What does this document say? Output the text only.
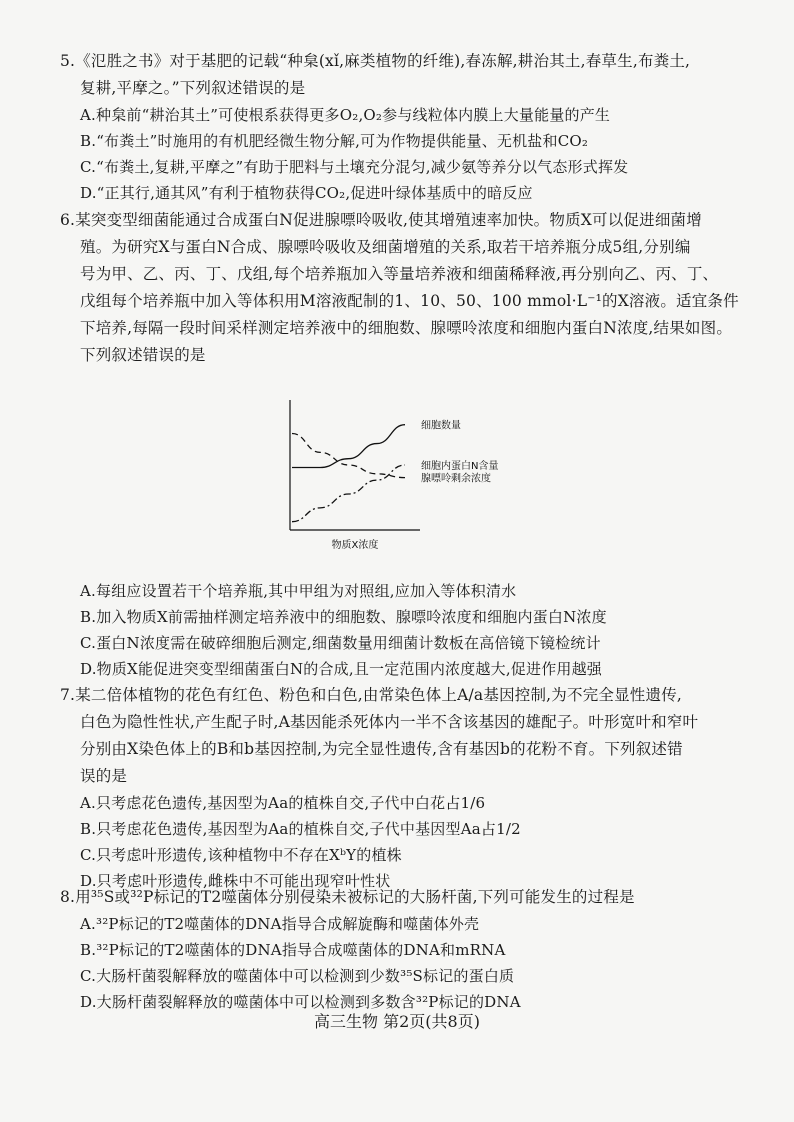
5.《氾胜之书》对于基肥的记载“种枲(xǐ,麻类植物的纤维),春冻解,耕治其土,春草生,布粪土,

复耕,平摩之。”下列叙述错误的是

A.种枲前“耕治其土”可使根系获得更多O₂,O₂参与线粒体内膜上大量能量的产生

B.“布粪土”时施用的有机肥经微生物分解,可为作物提供能量、无机盐和CO₂

C.“布粪土,复耕,平摩之”有助于肥料与土壤充分混匀,减少氨等养分以气态形式挥发

D.“正其行,通其风”有利于植物获得CO₂,促进叶绿体基质中的暗反应

6.某突变型细菌能通过合成蛋白N促进腺嘌呤吸收,使其增殖速率加快。物质X可以促进细菌增

殖。为研究X与蛋白N合成、腺嘌呤吸收及细菌增殖的关系,取若干培养瓶分成5组,分别编

号为甲、乙、丙、丁、戊组,每个培养瓶加入等量培养液和细菌稀释液,再分别向乙、丙、丁、

戊组每个培养瓶中加入等体积用M溶液配制的1、10、50、100 mmol·L⁻¹的X溶液。适宜条件

下培养,每隔一段时间采样测定培养液中的细胞数、腺嘌呤浓度和细胞内蛋白N浓度,结果如图。

下列叙述错误的是

细胞数量
细胞内蛋白N含量
腺嘌呤剩余浓度
物质X浓度

A.每组应设置若干个培养瓶,其中甲组为对照组,应加入等体积清水

B.加入物质X前需抽样测定培养液中的细胞数、腺嘌呤浓度和细胞内蛋白N浓度

C.蛋白N浓度需在破碎细胞后测定,细菌数量用细菌计数板在高倍镜下镜检统计

D.物质X能促进突变型细菌蛋白N的合成,且一定范围内浓度越大,促进作用越强

7.某二倍体植物的花色有红色、粉色和白色,由常染色体上A/a基因控制,为不完全显性遗传,

白色为隐性性状,产生配子时,A基因能杀死体内一半不含该基因的雄配子。叶形宽叶和窄叶

分别由X染色体上的B和b基因控制,为完全显性遗传,含有基因b的花粉不育。下列叙述错

误的是

A.只考虑花色遗传,基因型为Aa的植株自交,子代中白花占1/6

B.只考虑花色遗传,基因型为Aa的植株自交,子代中基因型Aa占1/2

C.只考虑叶形遗传,该种植物中不存在XᵇY的植株

D.只考虑叶形遗传,雌株中不可能出现窄叶性状

8.用³⁵S或³²P标记的T2噬菌体分别侵染未被标记的大肠杆菌,下列可能发生的过程是

A.³²P标记的T2噬菌体的DNA指导合成解旋酶和噬菌体外壳

B.³²P标记的T2噬菌体的DNA指导合成噬菌体的DNA和mRNA

C.大肠杆菌裂解释放的噬菌体中可以检测到少数³⁵S标记的蛋白质

D.大肠杆菌裂解释放的噬菌体中可以检测到多数含³²P标记的DNA

高三生物 第2页(共8页)
